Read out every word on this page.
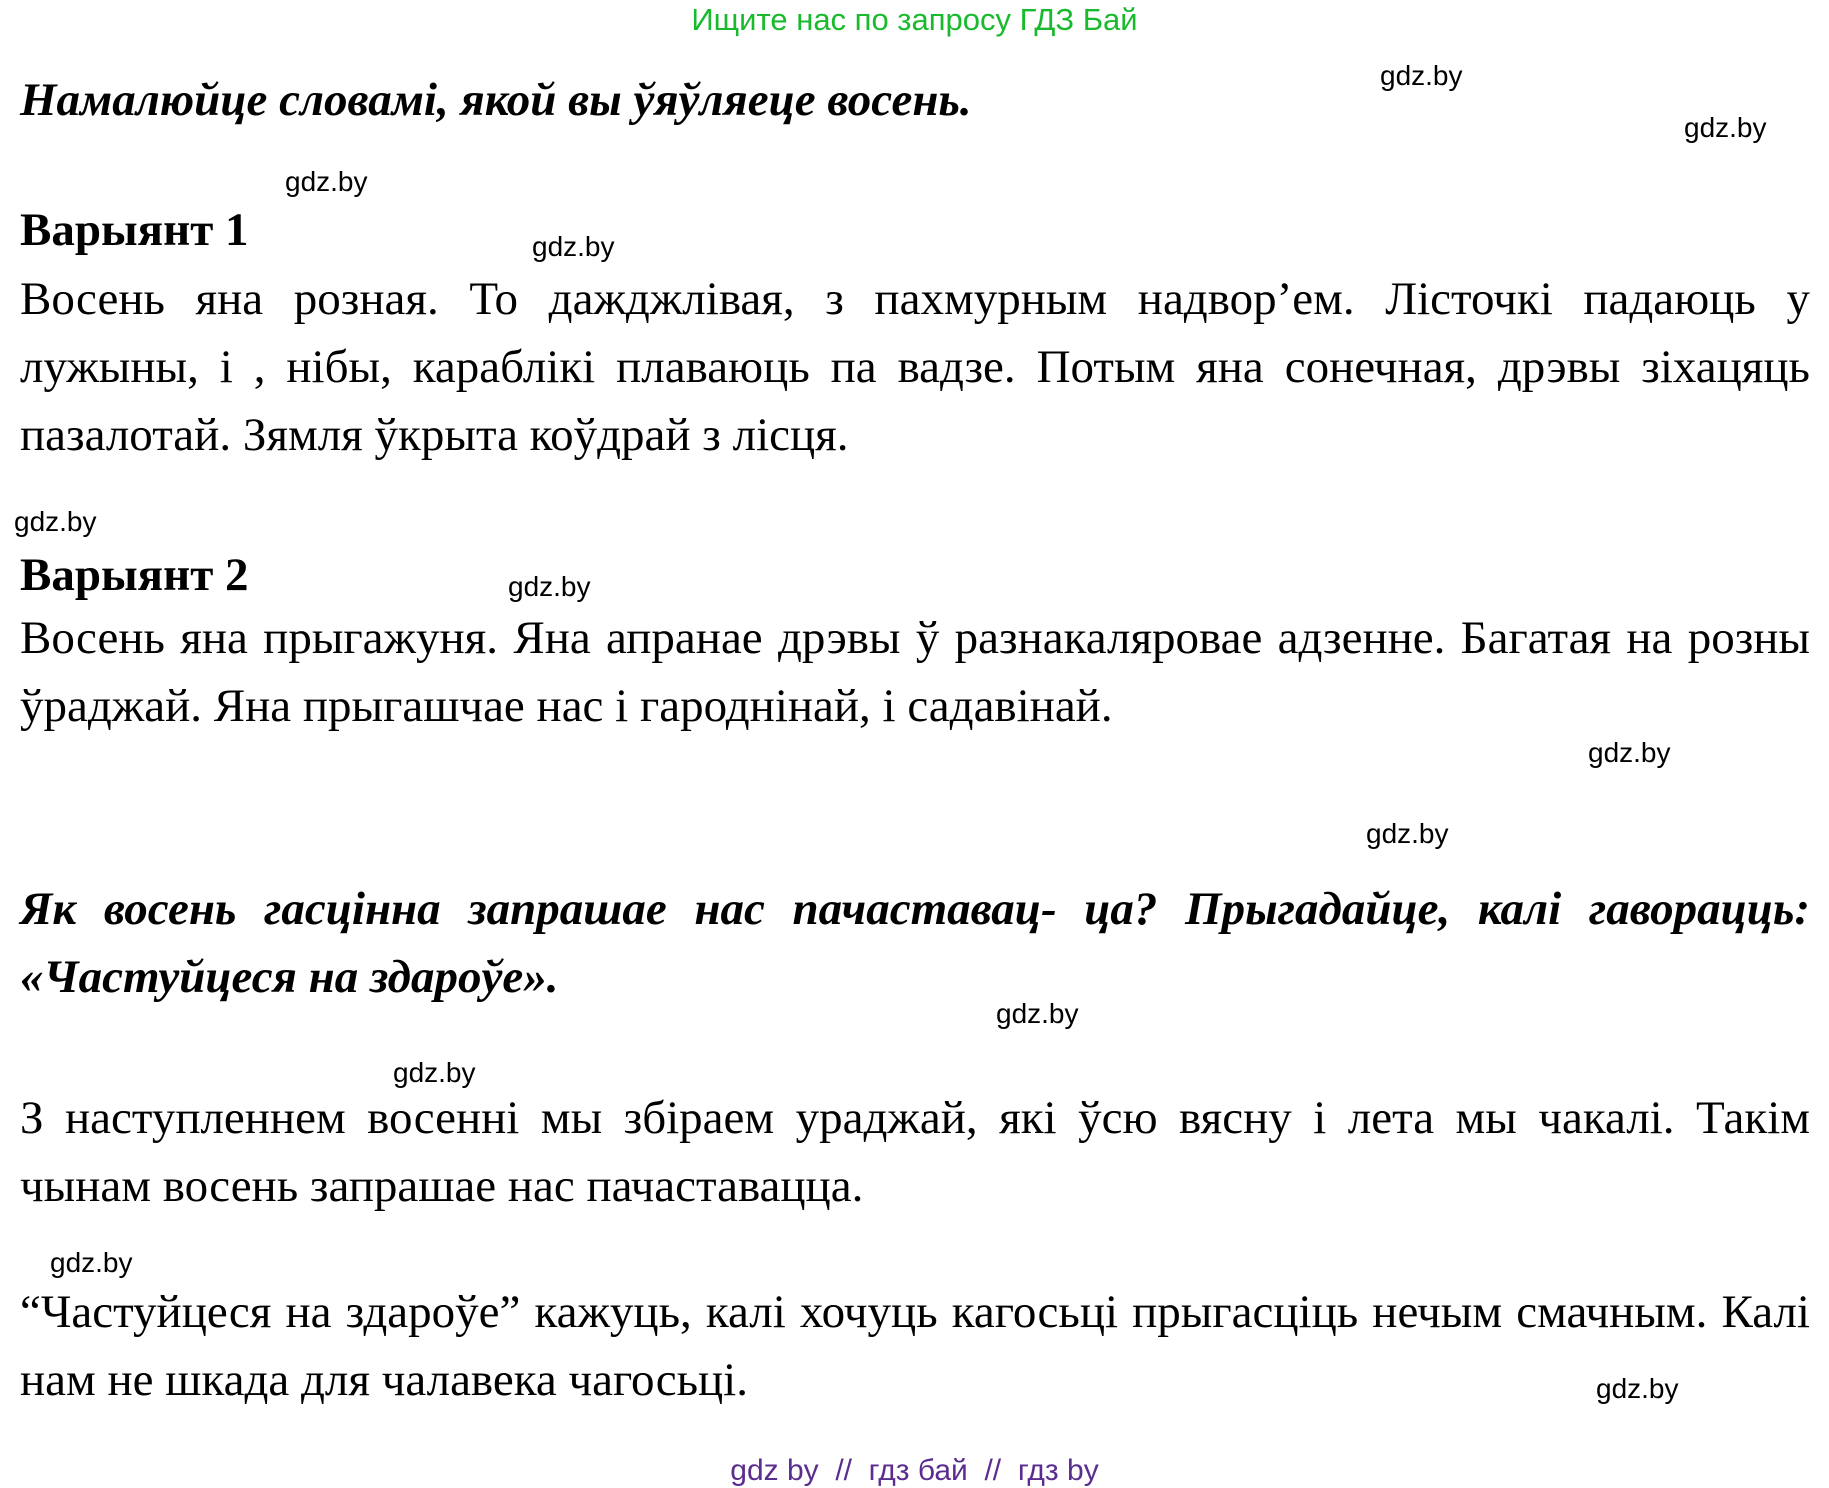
Ищите нас по запросу ГДЗ Бай
Намалюйце словамі, якой вы ўяўляеце восень.
Варыянт 1
Восень яна розная. То дажджлівая, з пахмурным надвор’ем. Лісточкі падаюць у лужыны, і , нібы, караблікі плаваюць па вадзе. Потым яна сонечная, дрэвы зіхацяць пазалотай. Зямля ўкрыта коўдрай з лісця.
Варыянт 2
Восень яна прыгажуня. Яна апранае дрэвы ў разнакаляровае адзенне. Багатая на розны ўраджай. Яна прыгашчае нас і гароднінай, і садавінай.
Як восень гасцінна запрашае нас пачаставац- ца? Прыгадайце, калі гаворацць: «Частуйцеся на здароўе».
З наступленнем восенні мы збіраем ураджай, які ўсю вясну і лета мы чакалі. Такім чынам восень запрашае нас пачаставацца.
“Частуйцеся на здароўе” кажуць, калі хочуць кагосьці прыгасціць нечым смачным. Калі нам не шкада для чалавека чагосьці.
gdz.by
gdz.by
gdz.by
gdz.by
gdz.by
gdz.by
gdz.by
gdz.by
gdz.by
gdz.by
gdz.by
gdz.by
gdz by  //  гдз бай  //  гдз by
